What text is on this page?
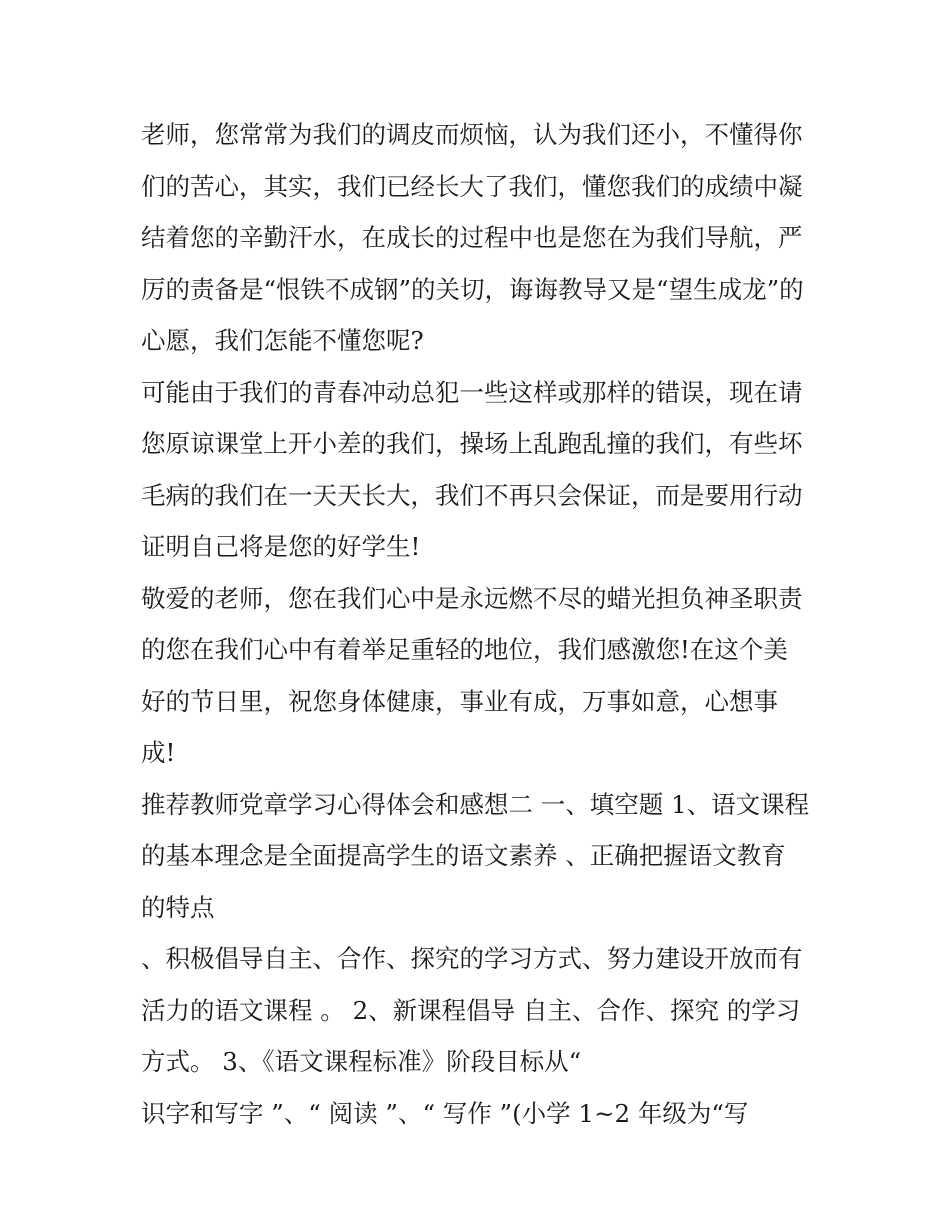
老师，您常常为我们的调皮而烦恼，认为我们还小，不懂得你
们的苦心，其实，我们已经长大了我们，懂您我们的成绩中凝
结着您的辛勤汗水，在成长的过程中也是您在为我们导航，严
厉的责备是“恨铁不成钢”的关切，诲诲教导又是“望生成龙”的
心愿，我们怎能不懂您呢?
可能由于我们的青春冲动总犯一些这样或那样的错误，现在请
您原谅课堂上开小差的我们，操场上乱跑乱撞的我们，有些坏
毛病的我们在一天天长大，我们不再只会保证，而是要用行动
证明自己将是您的好学生!
敬爱的老师，您在我们心中是永远燃不尽的蜡光担负神圣职责
的您在我们心中有着举足重轻的地位，我们感激您!在这个美
好的节日里，祝您身体健康，事业有成，万事如意，心想事
成!
推荐教师党章学习心得体会和感想二 一、填空题 1、语文课程
的基本理念是全面提高学生的语文素养 、正确把握语文教育
的特点
、积极倡导自主、合作、探究的学习方式、努力建设开放而有
活力的语文课程 。 2、新课程倡导 自主、合作、探究 的学习
方式。 3、《语文课程标准》阶段目标从“
识字和写字 ”、“ 阅读 ”、“ 写作 ”(小学 1~2 年级为“写
